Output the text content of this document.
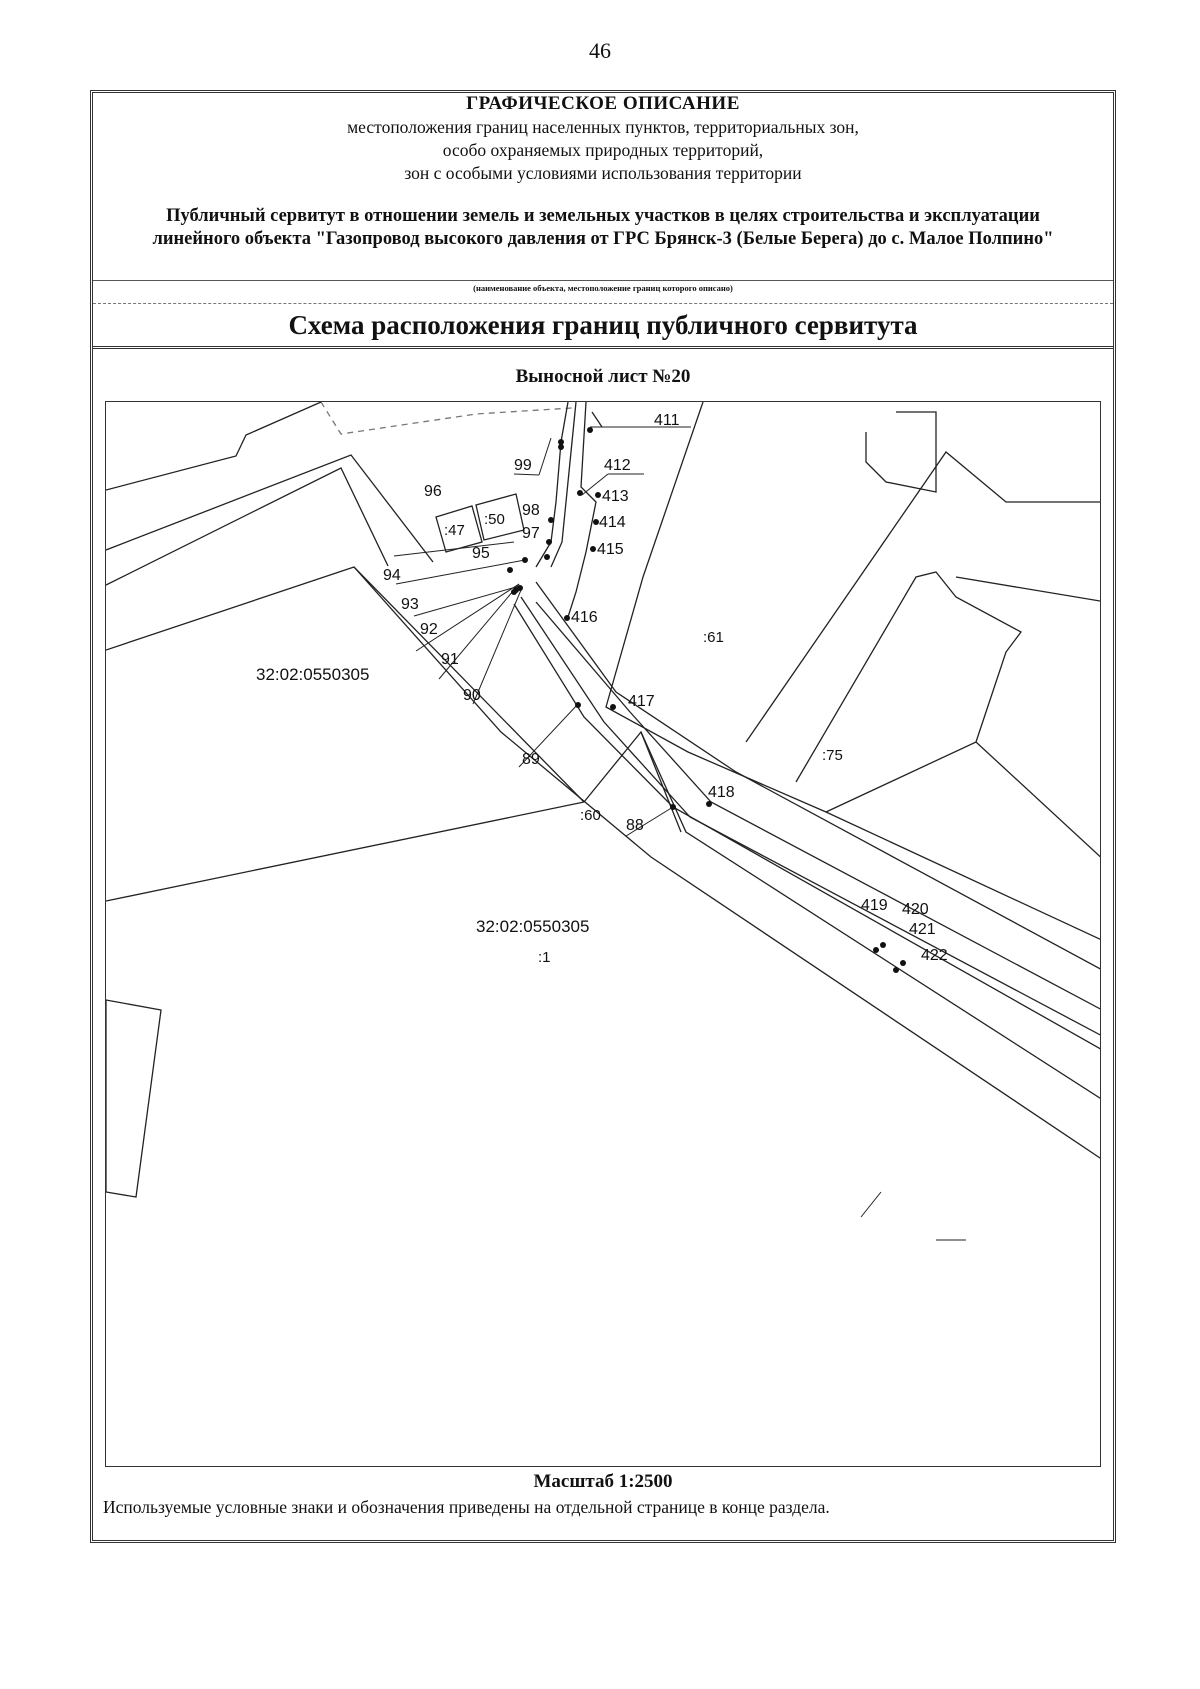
46
ГРАФИЧЕСКОЕ ОПИСАНИЕ
местоположения границ населенных пунктов, территориальных зон,
особо охраняемых природных территорий,
зон с особыми условиями использования территории
Публичный сервитут в отношении земель и земельных участков в целях строительства и эксплуатации линейного объекта "Газопровод высокого давления от ГРС Брянск-3 (Белые Берега) до с. Малое Полпино"
(наименование объекта, местоположение границ которого описано)
Схема расположения границ публичного сервитута
Выносной лист №20
32:02:0550305
32:02:0550305
:1
:61
:60
:75
:47
:50
88
89
90
91
92
93
94
95
96
97
98
99
411
412
413
414
415
416
417
418
419 420
421
422
Масштаб 1:2500
Используемые условные знаки и обозначения приведены на отдельной странице в конце раздела.
